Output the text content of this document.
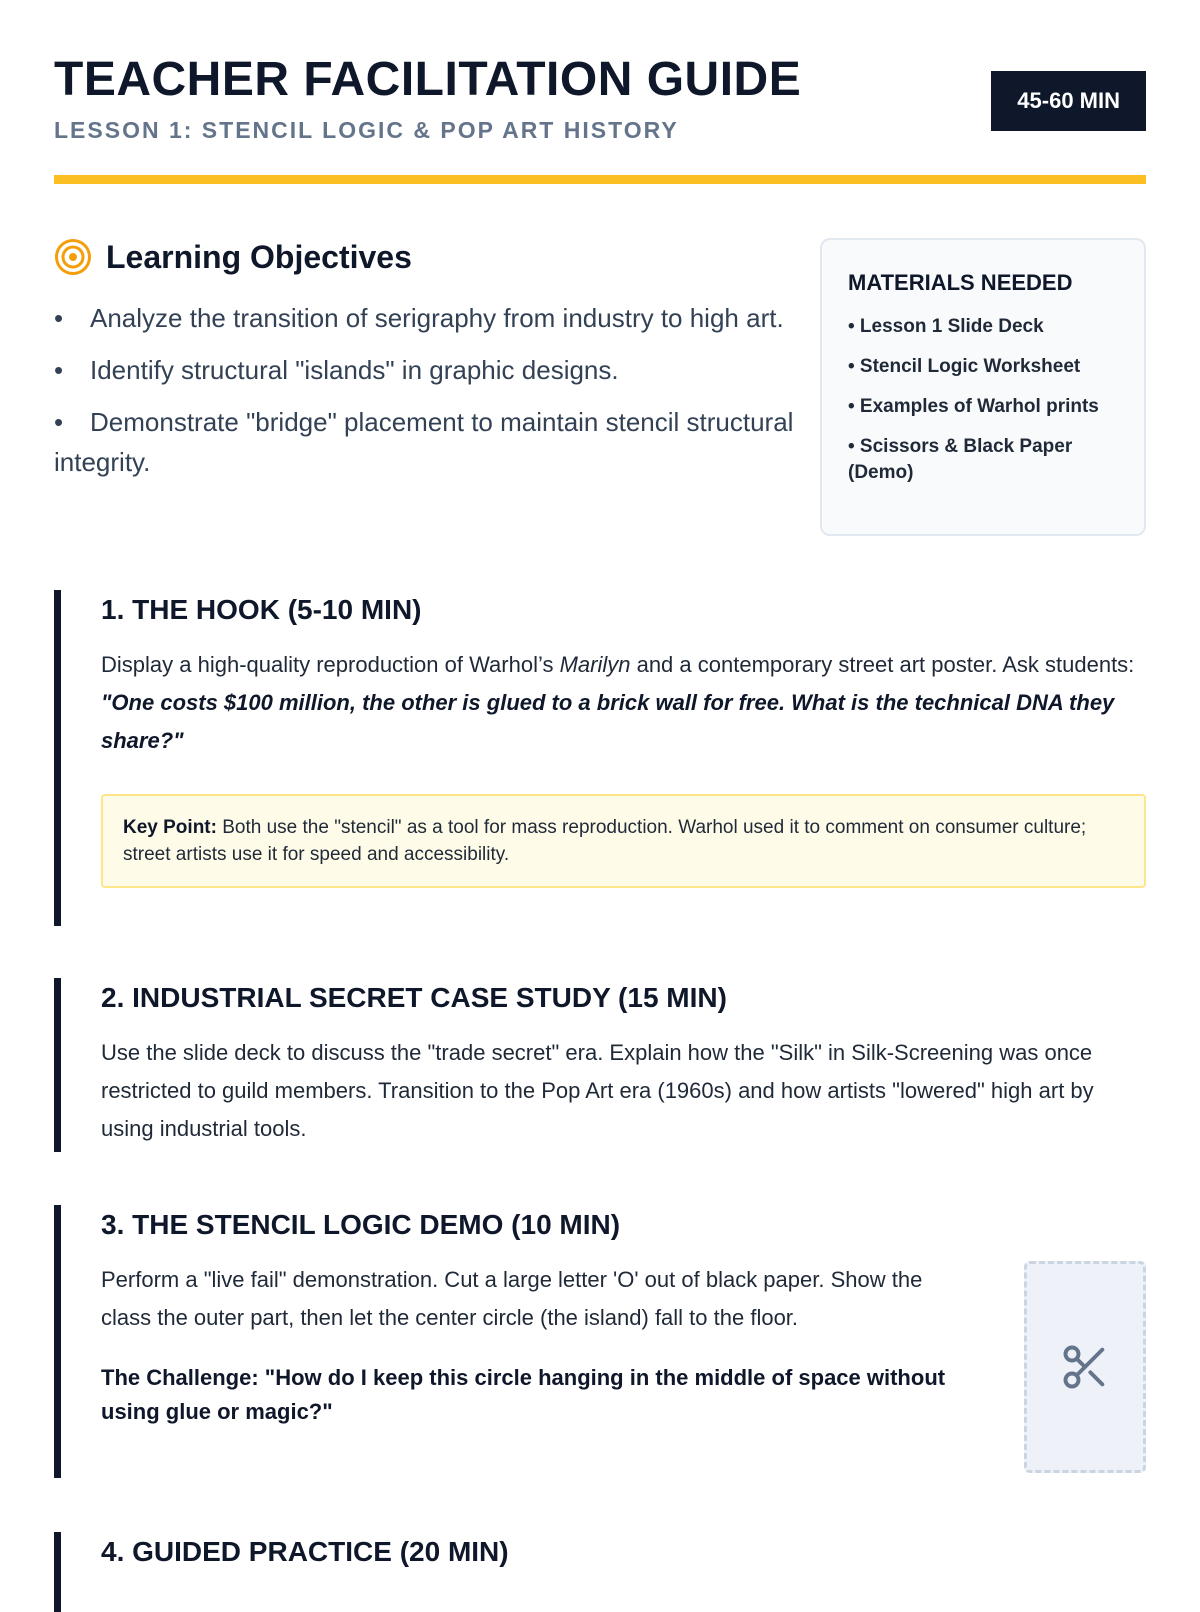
TEACHER FACILITATION GUIDE
LESSON 1: STENCIL LOGIC & POP ART HISTORY
45-60 MIN
Learning Objectives
• Analyze the transition of serigraphy from industry to high art.
• Identify structural "islands" in graphic designs.
• Demonstrate "bridge" placement to maintain stencil structural integrity.
MATERIALS NEEDED
• Lesson 1 Slide Deck
• Stencil Logic Worksheet
• Examples of Warhol prints
• Scissors & Black Paper (Demo)
1. THE HOOK (5-10 MIN)
Display a high-quality reproduction of Warhol’s Marilyn and a contemporary street art poster. Ask students:
"One costs $100 million, the other is glued to a brick wall for free. What is the technical DNA they share?"
Key Point: Both use the "stencil" as a tool for mass reproduction. Warhol used it to comment on consumer culture; street artists use it for speed and accessibility.
2. INDUSTRIAL SECRET CASE STUDY (15 MIN)
Use the slide deck to discuss the "trade secret" era. Explain how the "Silk" in Silk-Screening was once restricted to guild members. Transition to the Pop Art era (1960s) and how artists "lowered" high art by using industrial tools.
3. THE STENCIL LOGIC DEMO (10 MIN)
Perform a "live fail" demonstration. Cut a large letter 'O' out of black paper. Show the class the outer part, then let the center circle (the island) fall to the floor.
The Challenge: "How do I keep this circle hanging in the middle of space without using glue or magic?"
4. GUIDED PRACTICE (20 MIN)
